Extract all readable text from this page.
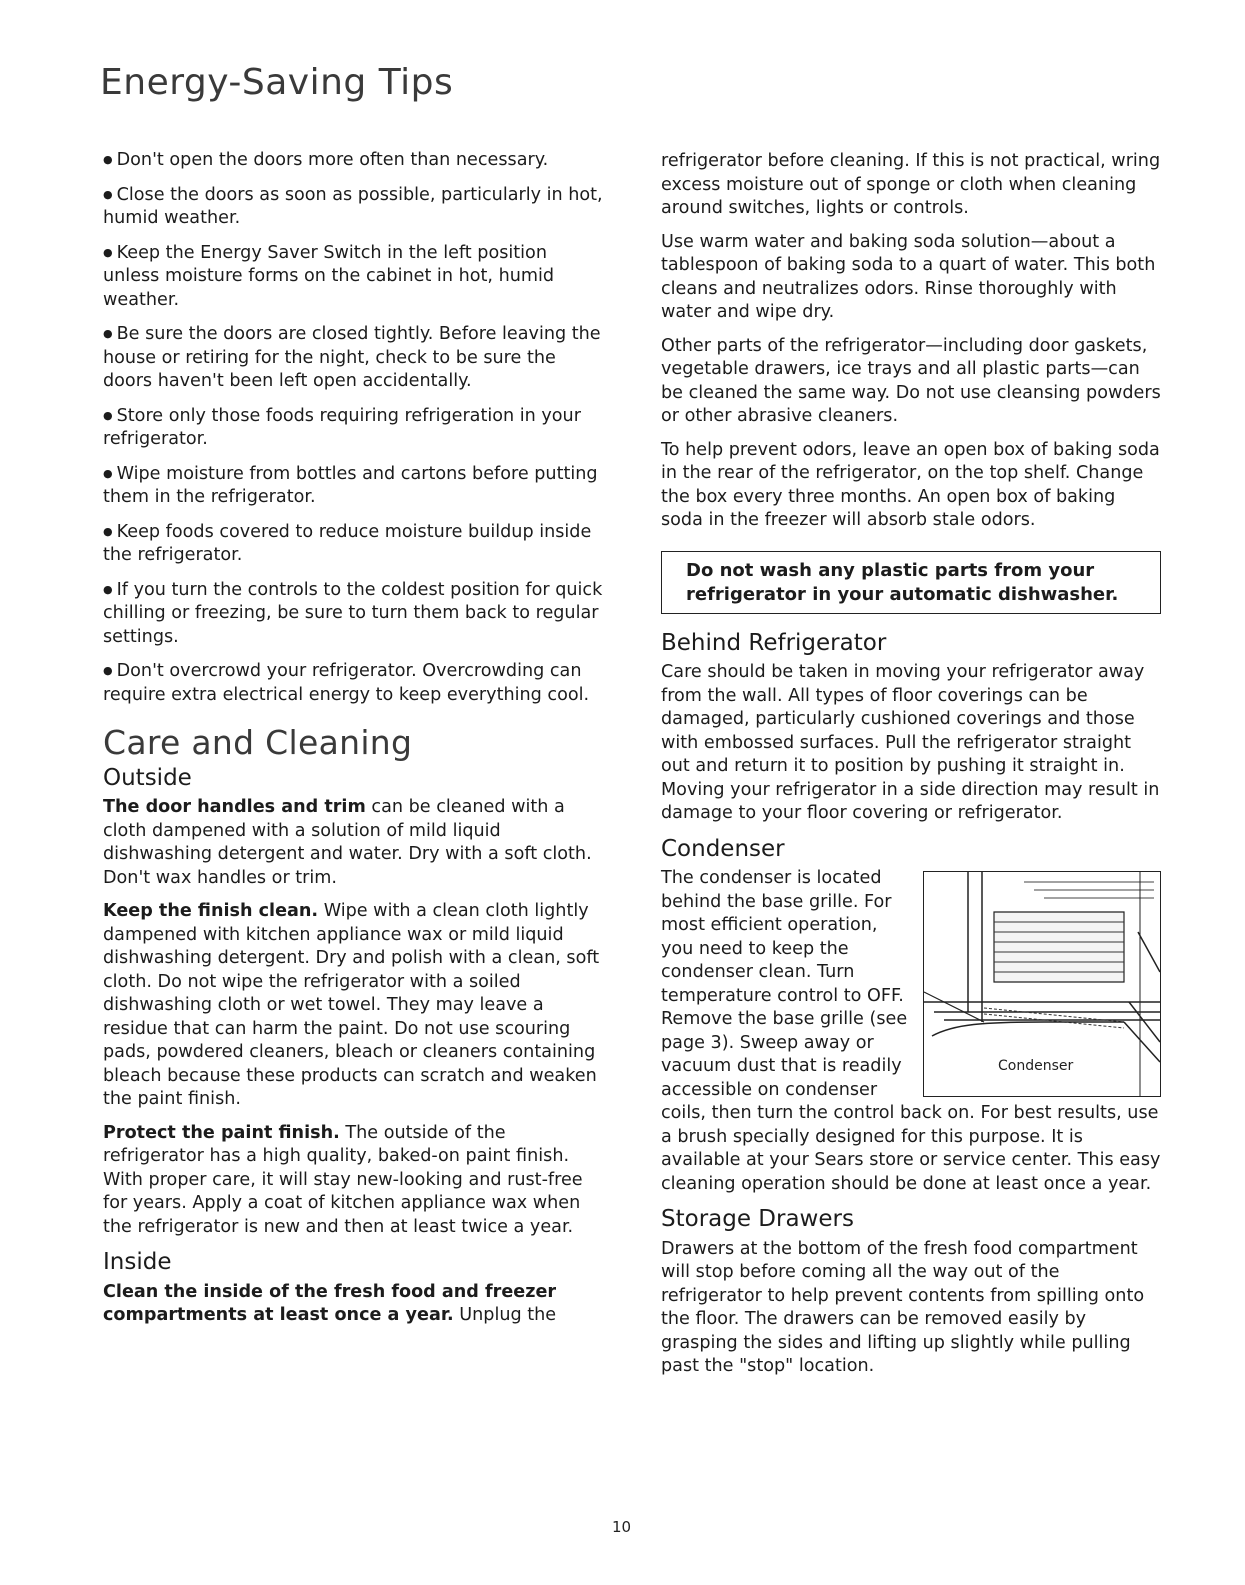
Energy-Saving Tips

● Don't open the doors more often than necessary.

● Close the doors as soon as possible, particularly in hot, humid weather.

● Keep the Energy Saver Switch in the left position unless moisture forms on the cabinet in hot, humid weather.

● Be sure the doors are closed tightly. Before leaving the house or retiring for the night, check to be sure the doors haven't been left open accidentally.

● Store only those foods requiring refrigeration in your refrigerator.

● Wipe moisture from bottles and cartons before putting them in the refrigerator.

● Keep foods covered to reduce moisture buildup inside the refrigerator.

● If you turn the controls to the coldest position for quick chilling or freezing, be sure to turn them back to regular settings.

● Don't overcrowd your refrigerator. Overcrowding can require extra electrical energy to keep everything cool.

Care and Cleaning
Outside

The door handles and trim can be cleaned with a cloth dampened with a solution of mild liquid dishwashing detergent and water. Dry with a soft cloth. Don't wax handles or trim.

Keep the finish clean. Wipe with a clean cloth lightly dampened with kitchen appliance wax or mild liquid dishwashing detergent. Dry and polish with a clean, soft cloth. Do not wipe the refrigerator with a soiled dishwashing cloth or wet towel. They may leave a residue that can harm the paint. Do not use scouring pads, powdered cleaners, bleach or cleaners containing bleach because these products can scratch and weaken the paint finish.

Protect the paint finish. The outside of the refrigerator has a high quality, baked-on paint finish. With proper care, it will stay new-looking and rust-free for years. Apply a coat of kitchen appliance wax when the refrigerator is new and then at least twice a year.

Inside

Clean the inside of the fresh food and freezer compartments at least once a year. Unplug the

refrigerator before cleaning. If this is not practical, wring excess moisture out of sponge or cloth when cleaning around switches, lights or controls.

Use warm water and baking soda solution—about a tablespoon of baking soda to a quart of water. This both cleans and neutralizes odors. Rinse thoroughly with water and wipe dry.

Other parts of the refrigerator—including door gaskets, vegetable drawers, ice trays and all plastic parts—can be cleaned the same way. Do not use cleansing powders or other abrasive cleaners.

To help prevent odors, leave an open box of baking soda in the rear of the refrigerator, on the top shelf. Change the box every three months. An open box of baking soda in the freezer will absorb stale odors.

Do not wash any plastic parts from your refrigerator in your automatic dishwasher.
Behind Refrigerator

Care should be taken in moving your refrigerator away from the wall. All types of floor coverings can be damaged, particularly cushioned coverings and those with embossed surfaces. Pull the refrigerator straight out and return it to position by pushing it straight in. Moving your refrigerator in a side direction may result in damage to your floor covering or refrigerator.

Condenser
Condenser

The condenser is located behind the base grille. For most efficient operation, you need to keep the condenser clean. Turn temperature control to OFF. Remove the base grille (see page 3). Sweep away or vacuum dust that is readily accessible on condenser coils, then turn the control back on. For best results, use a brush specially designed for this purpose. It is available at your Sears store or service center. This easy cleaning operation should be done at least once a year.

Storage Drawers

Drawers at the bottom of the fresh food compartment will stop before coming all the way out of the refrigerator to help prevent contents from spilling onto the floor. The drawers can be removed easily by grasping the sides and lifting up slightly while pulling past the "stop" location.

10
